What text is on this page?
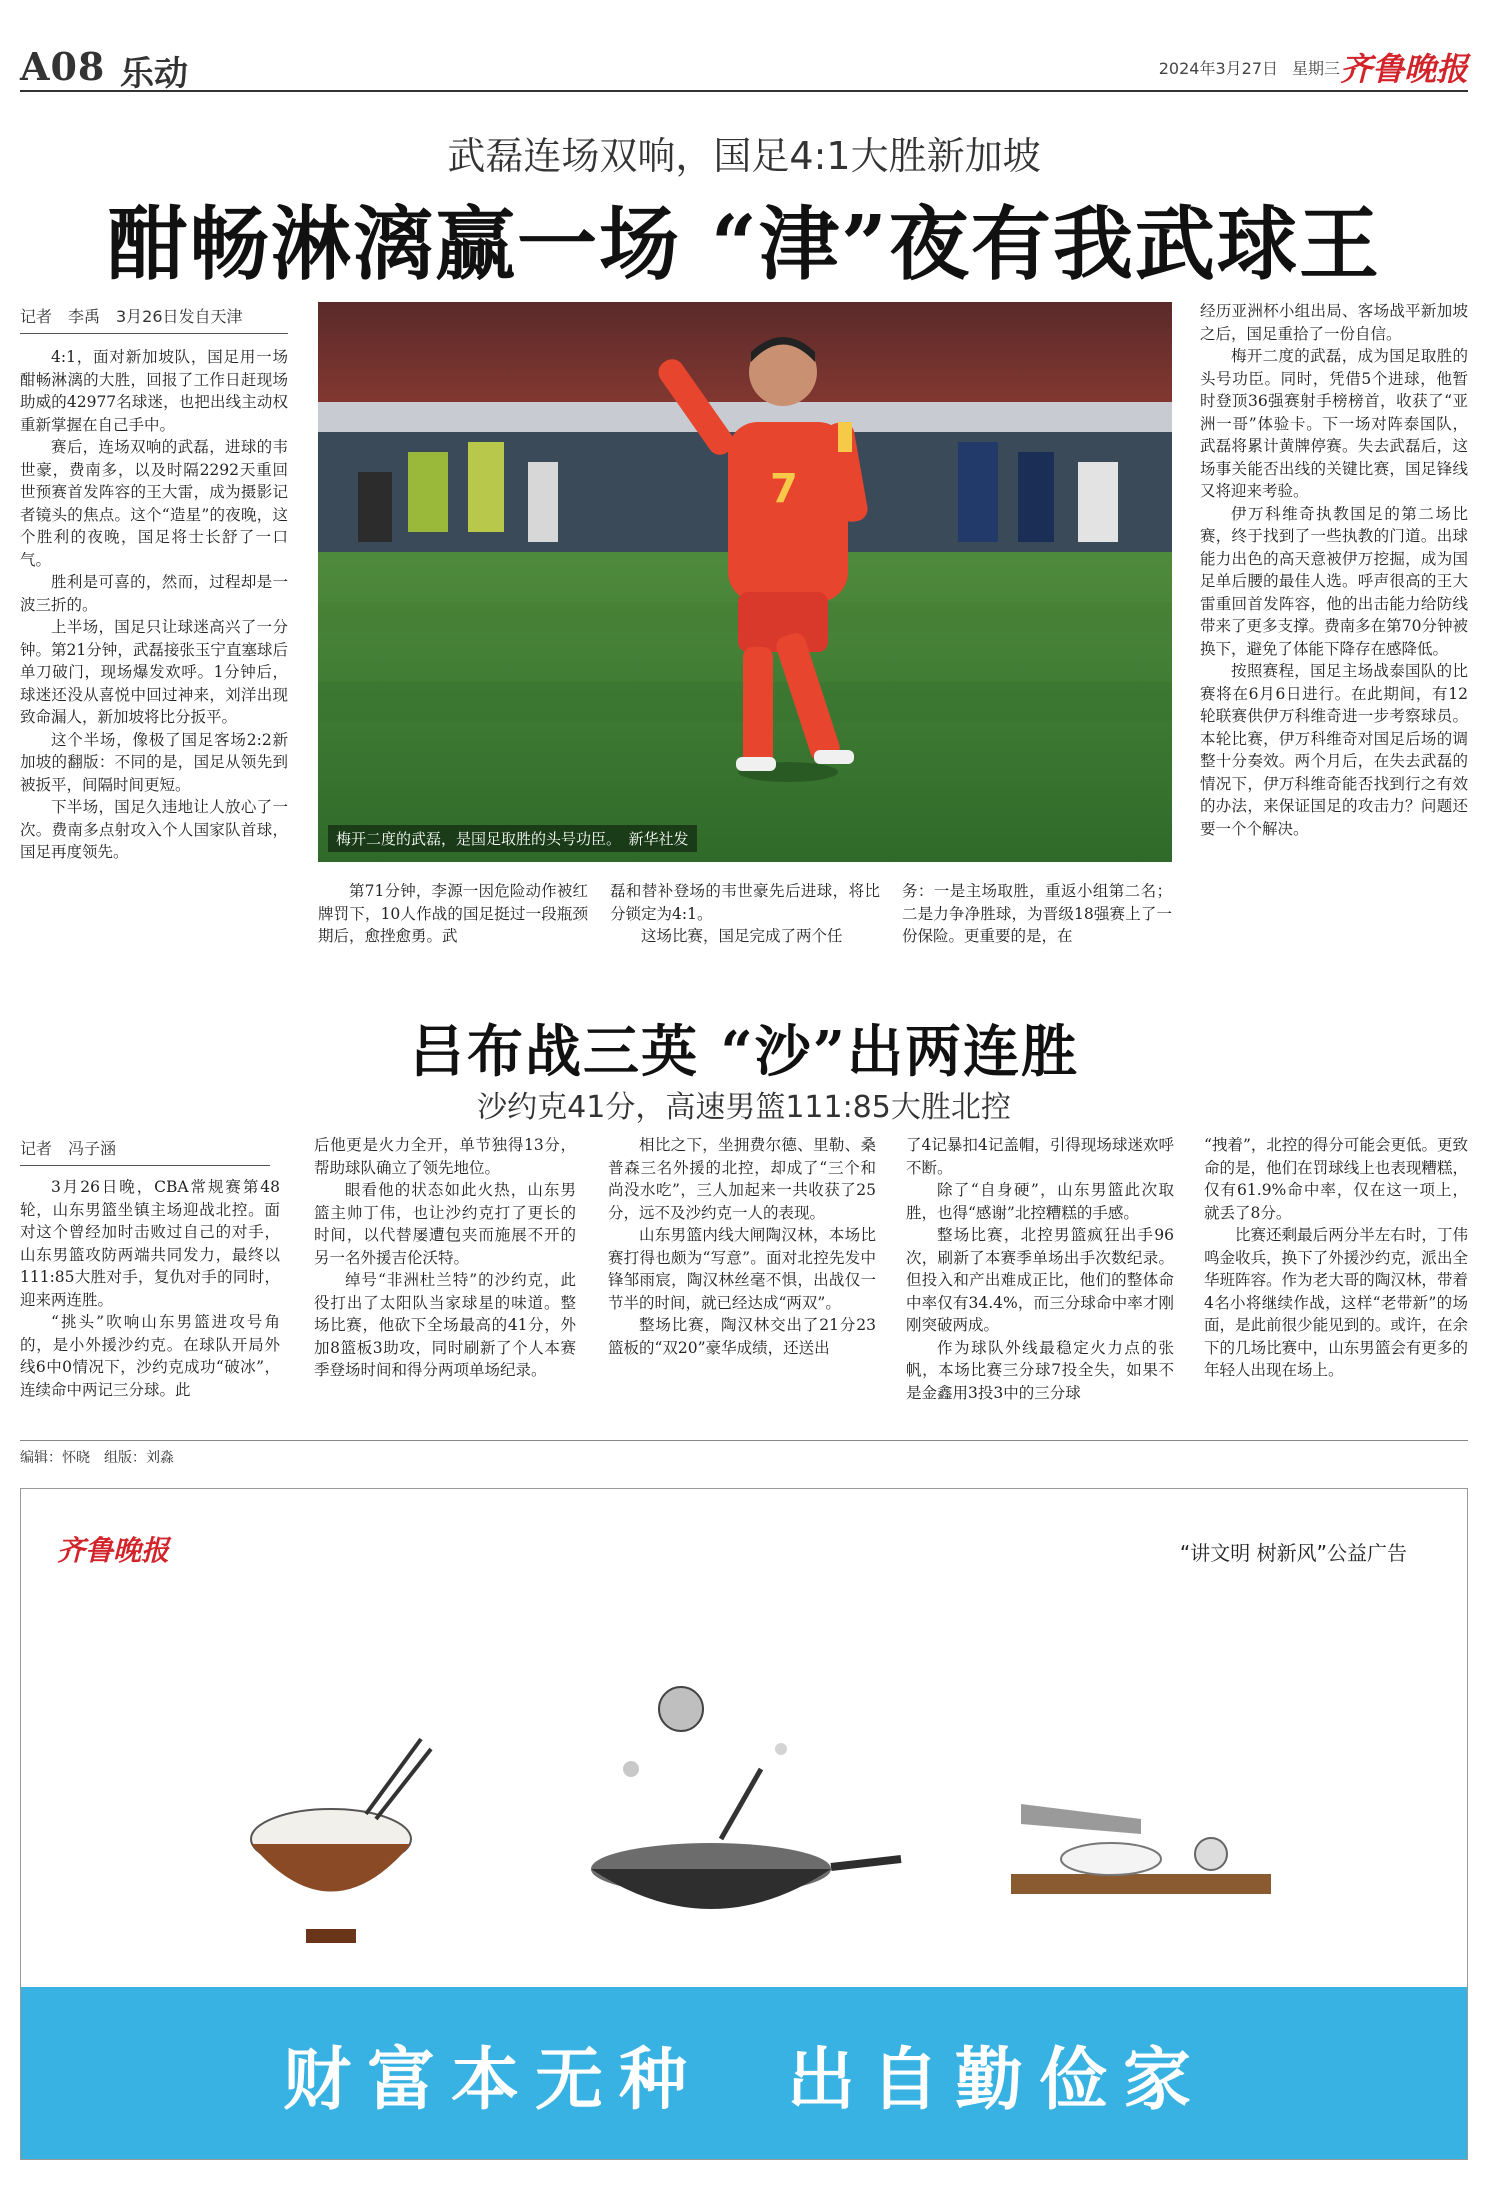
A08 乐动	2024年3月27日 星期三 齐鲁晚报
武磊连场双响，国足4:1大胜新加坡
酣畅淋漓赢一场 “津”夜有我武球王
记者　李禹　3月26日发自天津

4:1，面对新加坡队，国足用一场酣畅淋漓的大胜，回报了工作日赶现场助威的42977名球迷，也把出线主动权重新掌握在自己手中。

赛后，连场双响的武磊，进球的韦世豪，费南多，以及时隔2292天重回世预赛首发阵容的王大雷，成为摄影记者镜头的焦点。这个“造星”的夜晚，这个胜利的夜晚，国足将士长舒了一口气。

胜利是可喜的，然而，过程却是一波三折的。

上半场，国足只让球迷高兴了一分钟。第21分钟，武磊接张玉宁直塞球后单刀破门，现场爆发欢呼。1分钟后，球迷还没从喜悦中回过神来，刘洋出现致命漏人，新加坡将比分扳平。

这个半场，像极了国足客场2:2新加坡的翻版：不同的是，国足从领先到被扳平，间隔时间更短。

下半场，国足久违地让人放心了一次。费南多点射攻入个人国家队首球，国足再度领先。

7
梅开二度的武磊，是国足取胜的头号功臣。　新华社发

第71分钟，李源一因危险动作被红牌罚下，10人作战的国足挺过一段瓶颈期后，愈挫愈勇。武

磊和替补登场的韦世豪先后进球，将比分锁定为4:1。

这场比赛，国足完成了两个任

务：一是主场取胜，重返小组第二名；二是力争净胜球，为晋级18强赛上了一份保险。更重要的是，在

经历亚洲杯小组出局、客场战平新加坡之后，国足重拾了一份自信。

梅开二度的武磊，成为国足取胜的头号功臣。同时，凭借5个进球，他暂时登顶36强赛射手榜榜首，收获了“亚洲一哥”体验卡。下一场对阵泰国队，武磊将累计黄牌停赛。失去武磊后，这场事关能否出线的关键比赛，国足锋线又将迎来考验。

伊万科维奇执教国足的第二场比赛，终于找到了一些执教的门道。出球能力出色的高天意被伊万挖掘，成为国足单后腰的最佳人选。呼声很高的王大雷重回首发阵容，他的出击能力给防线带来了更多支撑。费南多在第70分钟被换下，避免了体能下降存在感降低。

按照赛程，国足主场战泰国队的比赛将在6月6日进行。在此期间，有12轮联赛供伊万科维奇进一步考察球员。本轮比赛，伊万科维奇对国足后场的调整十分奏效。两个月后，在失去武磊的情况下，伊万科维奇能否找到行之有效的办法，来保证国足的攻击力？问题还要一个个解决。

吕布战三英 “沙”出两连胜
沙约克41分，高速男篮111:85大胜北控
记者　冯子涵

3月26日晚，CBA常规赛第48轮，山东男篮坐镇主场迎战北控。面对这个曾经加时击败过自己的对手，山东男篮攻防两端共同发力，最终以111:85大胜对手，复仇对手的同时，迎来两连胜。

“挑头”吹响山东男篮进攻号角的，是小外援沙约克。在球队开局外线6中0情况下，沙约克成功“破冰”，连续命中两记三分球。此

后他更是火力全开，单节独得13分，帮助球队确立了领先地位。

眼看他的状态如此火热，山东男篮主帅丁伟，也让沙约克打了更长的时间，以代替屡遭包夹而施展不开的另一名外援吉伦沃特。

绰号“非洲杜兰特”的沙约克，此役打出了太阳队当家球星的味道。整场比赛，他砍下全场最高的41分，外加8篮板3助攻，同时刷新了个人本赛季登场时间和得分两项单场纪录。

相比之下，坐拥费尔德、里勒、桑普森三名外援的北控，却成了“三个和尚没水吃”，三人加起来一共收获了25分，远不及沙约克一人的表现。

山东男篮内线大闸陶汉林，本场比赛打得也颇为“写意”。面对北控先发中锋邹雨宸，陶汉林丝毫不惧，出战仅一节半的时间，就已经达成“两双”。

整场比赛，陶汉林交出了21分23篮板的“双20”豪华成绩，还送出

了4记暴扣4记盖帽，引得现场球迷欢呼不断。

除了“自身硬”，山东男篮此次取胜，也得“感谢”北控糟糕的手感。

整场比赛，北控男篮疯狂出手96次，刷新了本赛季单场出手次数纪录。但投入和产出难成正比，他们的整体命中率仅有34.4%，而三分球命中率才刚刚突破两成。

作为球队外线最稳定火力点的张帆，本场比赛三分球7投全失，如果不是金鑫用3投3中的三分球

“拽着”，北控的得分可能会更低。更致命的是，他们在罚球线上也表现糟糕，仅有61.9%命中率，仅在这一项上，就丢了8分。

比赛还剩最后两分半左右时，丁伟鸣金收兵，换下了外援沙约克，派出全华班阵容。作为老大哥的陶汉林，带着4名小将继续作战，这样“老带新”的场面，是此前很少能见到的。或许，在余下的几场比赛中，山东男篮会有更多的年轻人出现在场上。

编辑：怀晓　组版：刘淼
齐鲁晚报	“讲文明 树新风”公益广告
财富本无种　出自勤俭家
